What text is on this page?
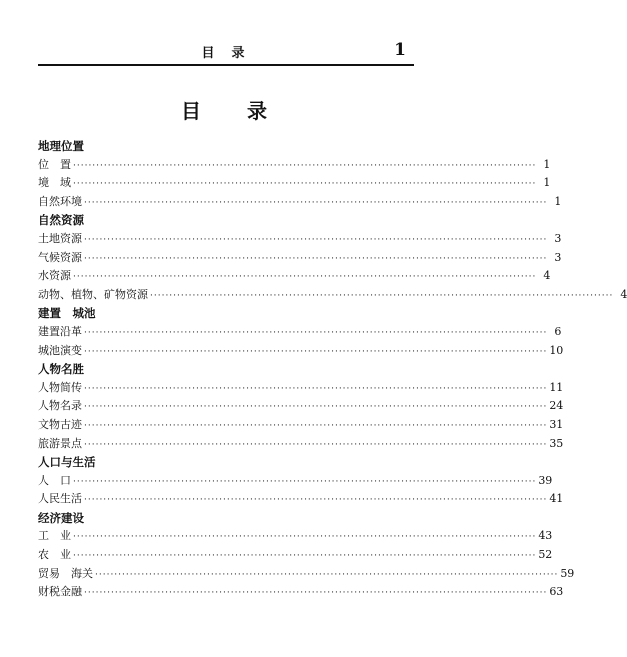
目　录	1
目　　录
地理位置
位　置 ························································································································ 1
境　域 ························································································································ 1
自然环境 ························································································································ 1
自然资源
土地资源 ························································································································ 3
气候资源 ························································································································ 3
水资源 ························································································································ 4
动物、植物、矿物资源 ························································································································ 4
建置　城池
建置沿革 ························································································································ 6
城池演变 ························································································································ 10
人物名胜
人物简传 ························································································································ 11
人物名录 ························································································································ 24
文物古迹 ························································································································ 31
旅游景点 ························································································································ 35
人口与生活
人　口 ························································································································ 39
人民生活 ························································································································ 41
经济建设
工　业 ························································································································ 43
农　业 ························································································································ 52
贸易　海关 ························································································································ 59
财税金融 ························································································································ 63
